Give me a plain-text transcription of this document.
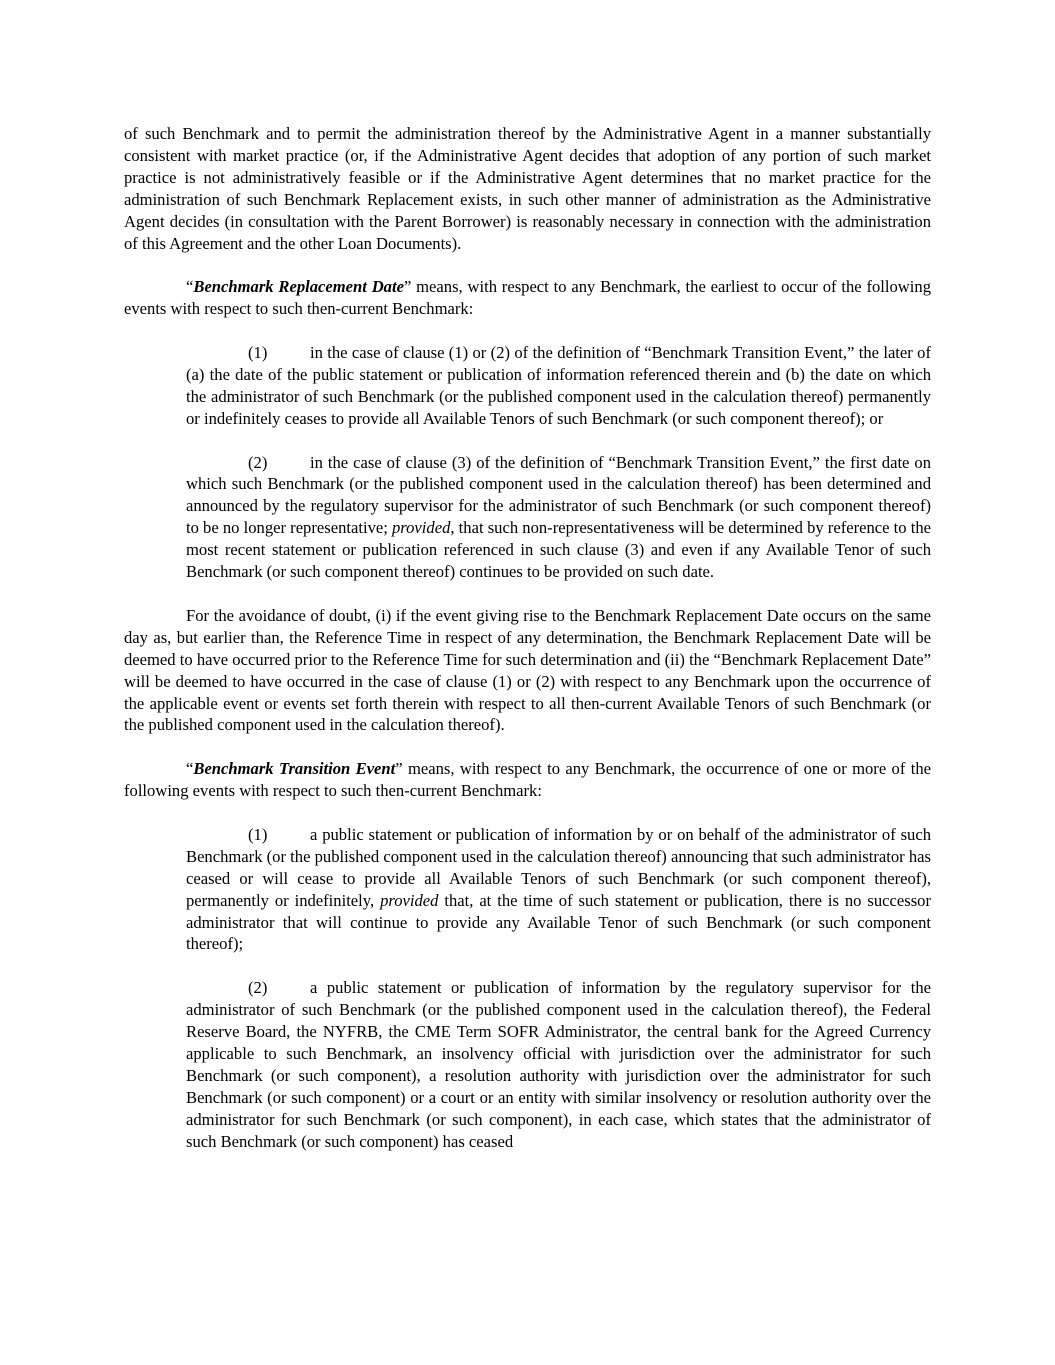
of such Benchmark and to permit the administration thereof by the Administrative Agent in a manner substantially consistent with market practice (or, if the Administrative Agent decides that adoption of any portion of such market practice is not administratively feasible or if the Administrative Agent determines that no market practice for the administration of such Benchmark Replacement exists, in such other manner of administration as the Administrative Agent decides (in consultation with the Parent Borrower) is reasonably necessary in connection with the administration of this Agreement and the other Loan Documents).

“Benchmark Replacement Date” means, with respect to any Benchmark, the earliest to occur of the following events with respect to such then-current Benchmark:

(1)	in the case of clause (1) or (2) of the definition of “Benchmark Transition Event,” the later of (a) the date of the public statement or publication of information referenced therein and (b) the date on which the administrator of such Benchmark (or the published component used in the calculation thereof) permanently or indefinitely ceases to provide all Available Tenors of such Benchmark (or such component thereof); or

(2)	in the case of clause (3) of the definition of “Benchmark Transition Event,” the first date on which such Benchmark (or the published component used in the calculation thereof) has been determined and announced by the regulatory supervisor for the administrator of such Benchmark (or such component thereof) to be no longer representative; provided, that such non-representativeness will be determined by reference to the most recent statement or publication referenced in such clause (3) and even if any Available Tenor of such Benchmark (or such component thereof) continues to be provided on such date.

For the avoidance of doubt, (i) if the event giving rise to the Benchmark Replacement Date occurs on the same day as, but earlier than, the Reference Time in respect of any determination, the Benchmark Replacement Date will be deemed to have occurred prior to the Reference Time for such determination and (ii) the “Benchmark Replacement Date” will be deemed to have occurred in the case of clause (1) or (2) with respect to any Benchmark upon the occurrence of the applicable event or events set forth therein with respect to all then-current Available Tenors of such Benchmark (or the published component used in the calculation thereof).

“Benchmark Transition Event” means, with respect to any Benchmark, the occurrence of one or more of the following events with respect to such then-current Benchmark:

(1)	a public statement or publication of information by or on behalf of the administrator of such Benchmark (or the published component used in the calculation thereof) announcing that such administrator has ceased or will cease to provide all Available Tenors of such Benchmark (or such component thereof), permanently or indefinitely, provided that, at the time of such statement or publication, there is no successor administrator that will continue to provide any Available Tenor of such Benchmark (or such component thereof);

(2)	a public statement or publication of information by the regulatory supervisor for the administrator of such Benchmark (or the published component used in the calculation thereof), the Federal Reserve Board, the NYFRB, the CME Term SOFR Administrator, the central bank for the Agreed Currency applicable to such Benchmark, an insolvency official with jurisdiction over the administrator for such Benchmark (or such component), a resolution authority with jurisdiction over the administrator for such Benchmark (or such component) or a court or an entity with similar insolvency or resolution authority over the administrator for such Benchmark (or such component), in each case, which states that the administrator of such Benchmark (or such component) has ceased
